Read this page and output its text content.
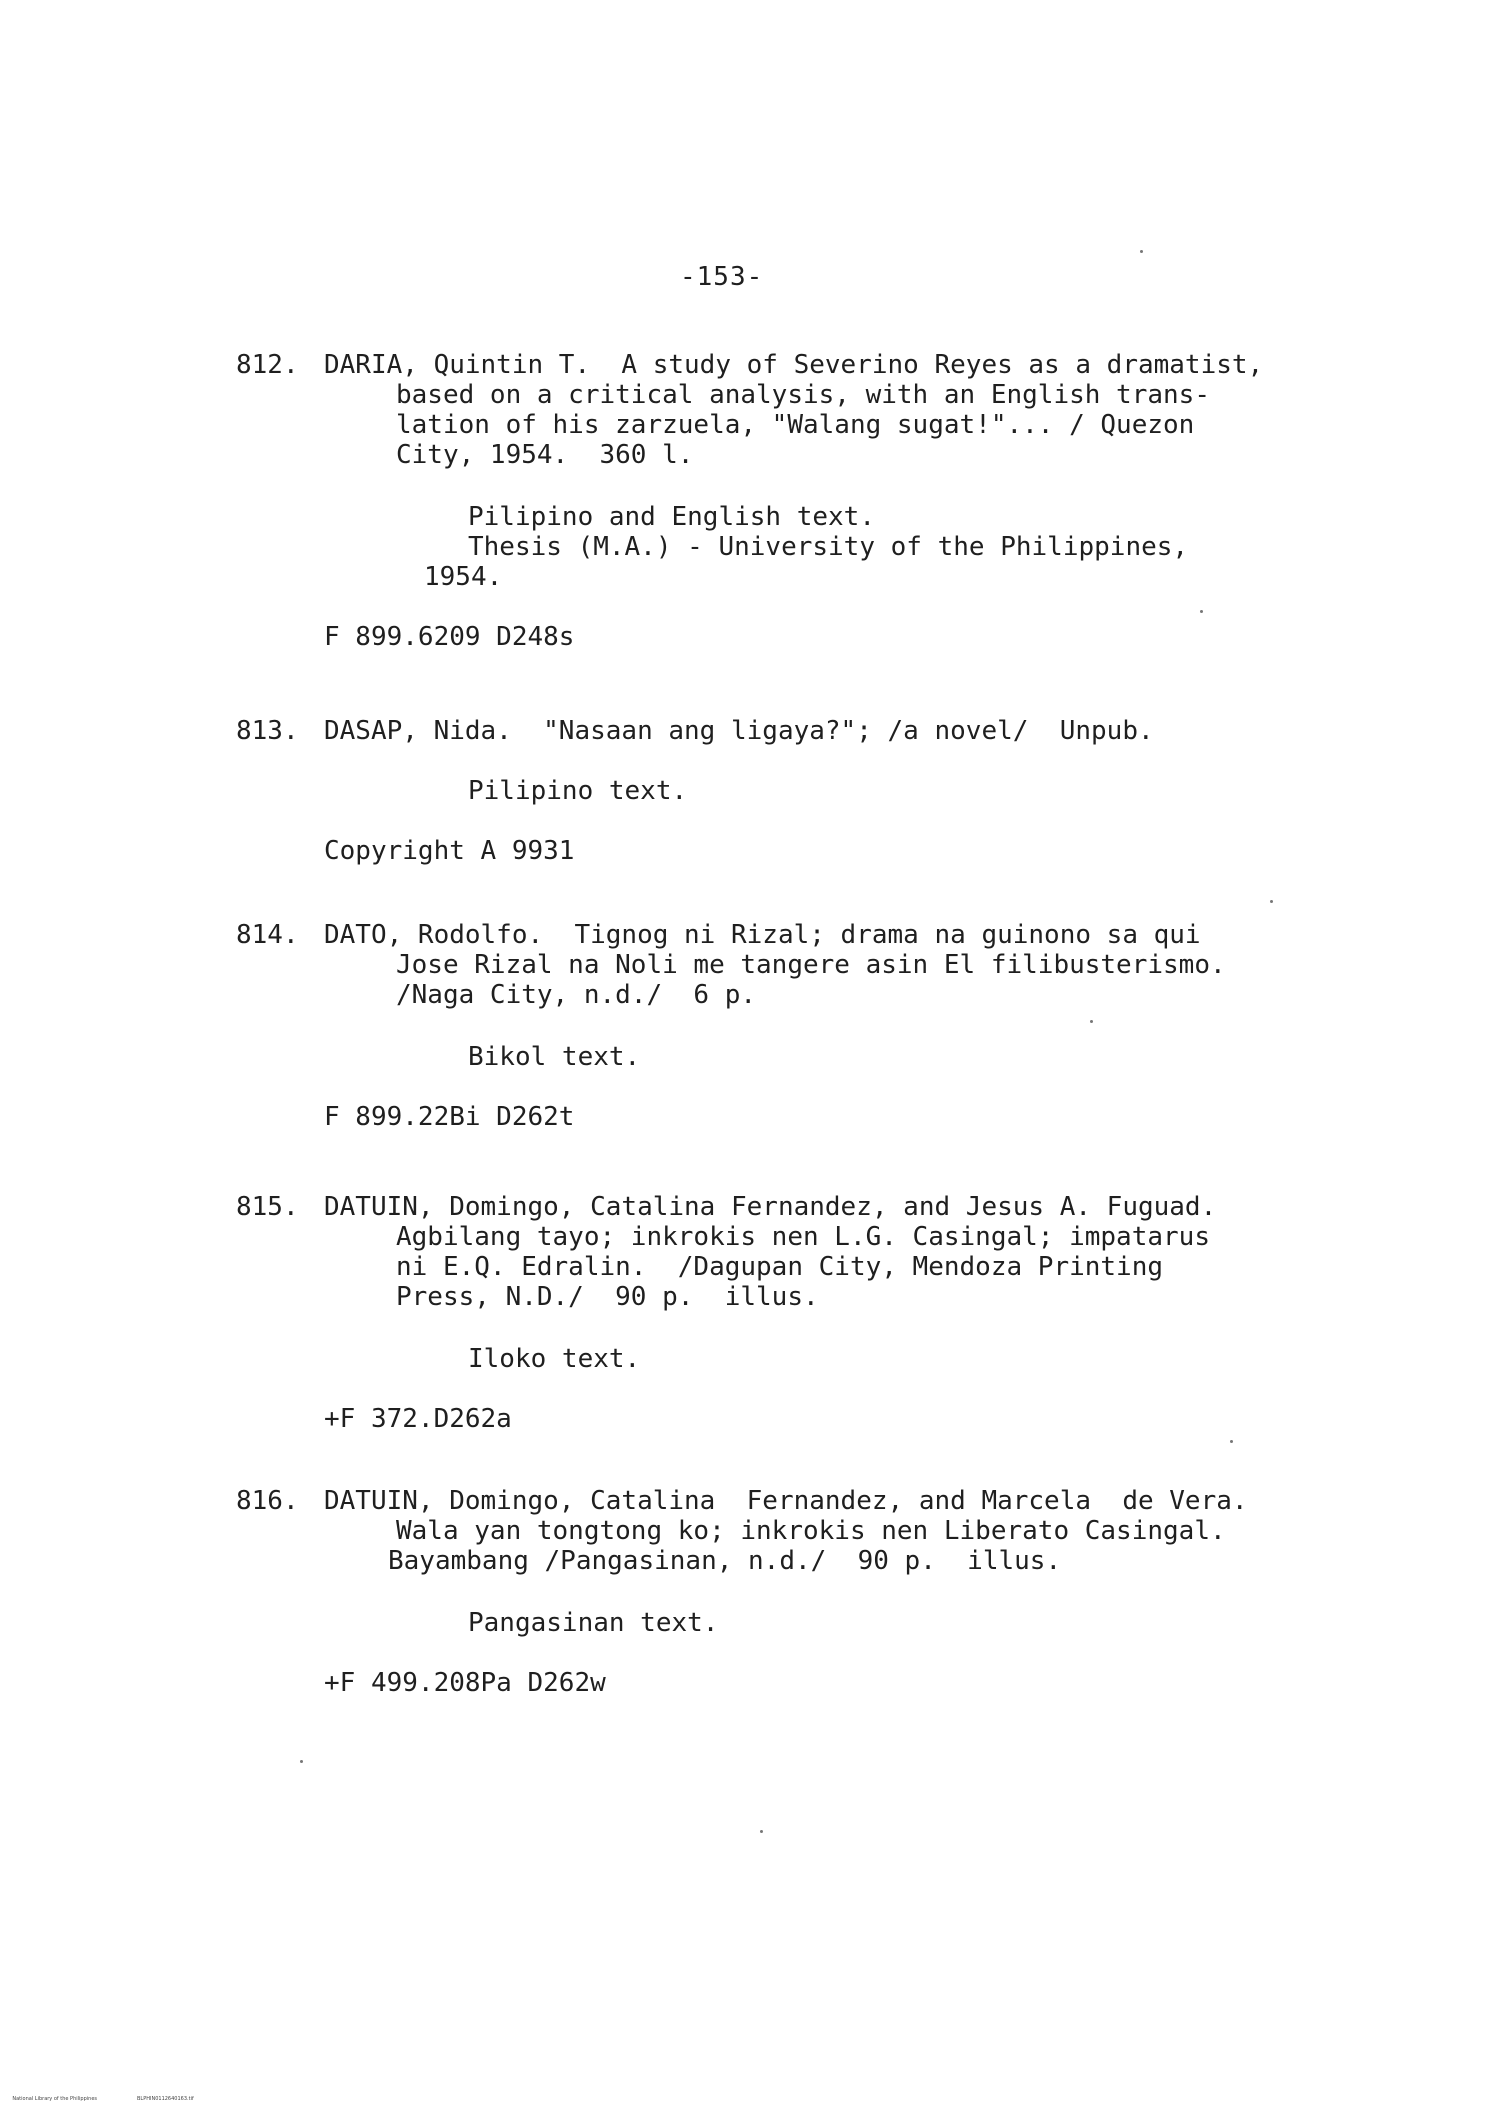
-153-
812. DARIA, Quintin T.  A study of Severino Reyes as a dramatist,
based on a critical analysis, with an English trans-
lation of his zarzuela, "Walang sugat!"... / Quezon
City, 1954.  360 l.
Pilipino and English text.
Thesis (M.A.) - University of the Philippines,
1954.
F 899.6209 D248s
813. DASAP, Nida.  "Nasaan ang ligaya?"; /a novel/  Unpub.
Pilipino text.
Copyright A 9931
814. DATO, Rodolfo.  Tignog ni Rizal; drama na guinono sa qui
Jose Rizal na Noli me tangere asin El filibusterismo.
/Naga City, n.d./  6 p.
Bikol text.
F 899.22Bi D262t
815. DATUIN, Domingo, Catalina Fernandez, and Jesus A. Fuguad.
Agbilang tayo; inkrokis nen L.G. Casingal; impatarus
ni E.Q. Edralin.  /Dagupan City, Mendoza Printing
Press, N.D./  90 p.  illus.
Iloko text.
+F 372.D262a
816. DATUIN, Domingo, Catalina  Fernandez, and Marcela  de Vera.
Wala yan tongtong ko; inkrokis nen Liberato Casingal.
Bayambang /Pangasinan, n.d./  90 p.  illus.
Pangasinan text.
+F 499.208Pa D262w

National Library of the Philippines	BLPHIN0112640163.tif
